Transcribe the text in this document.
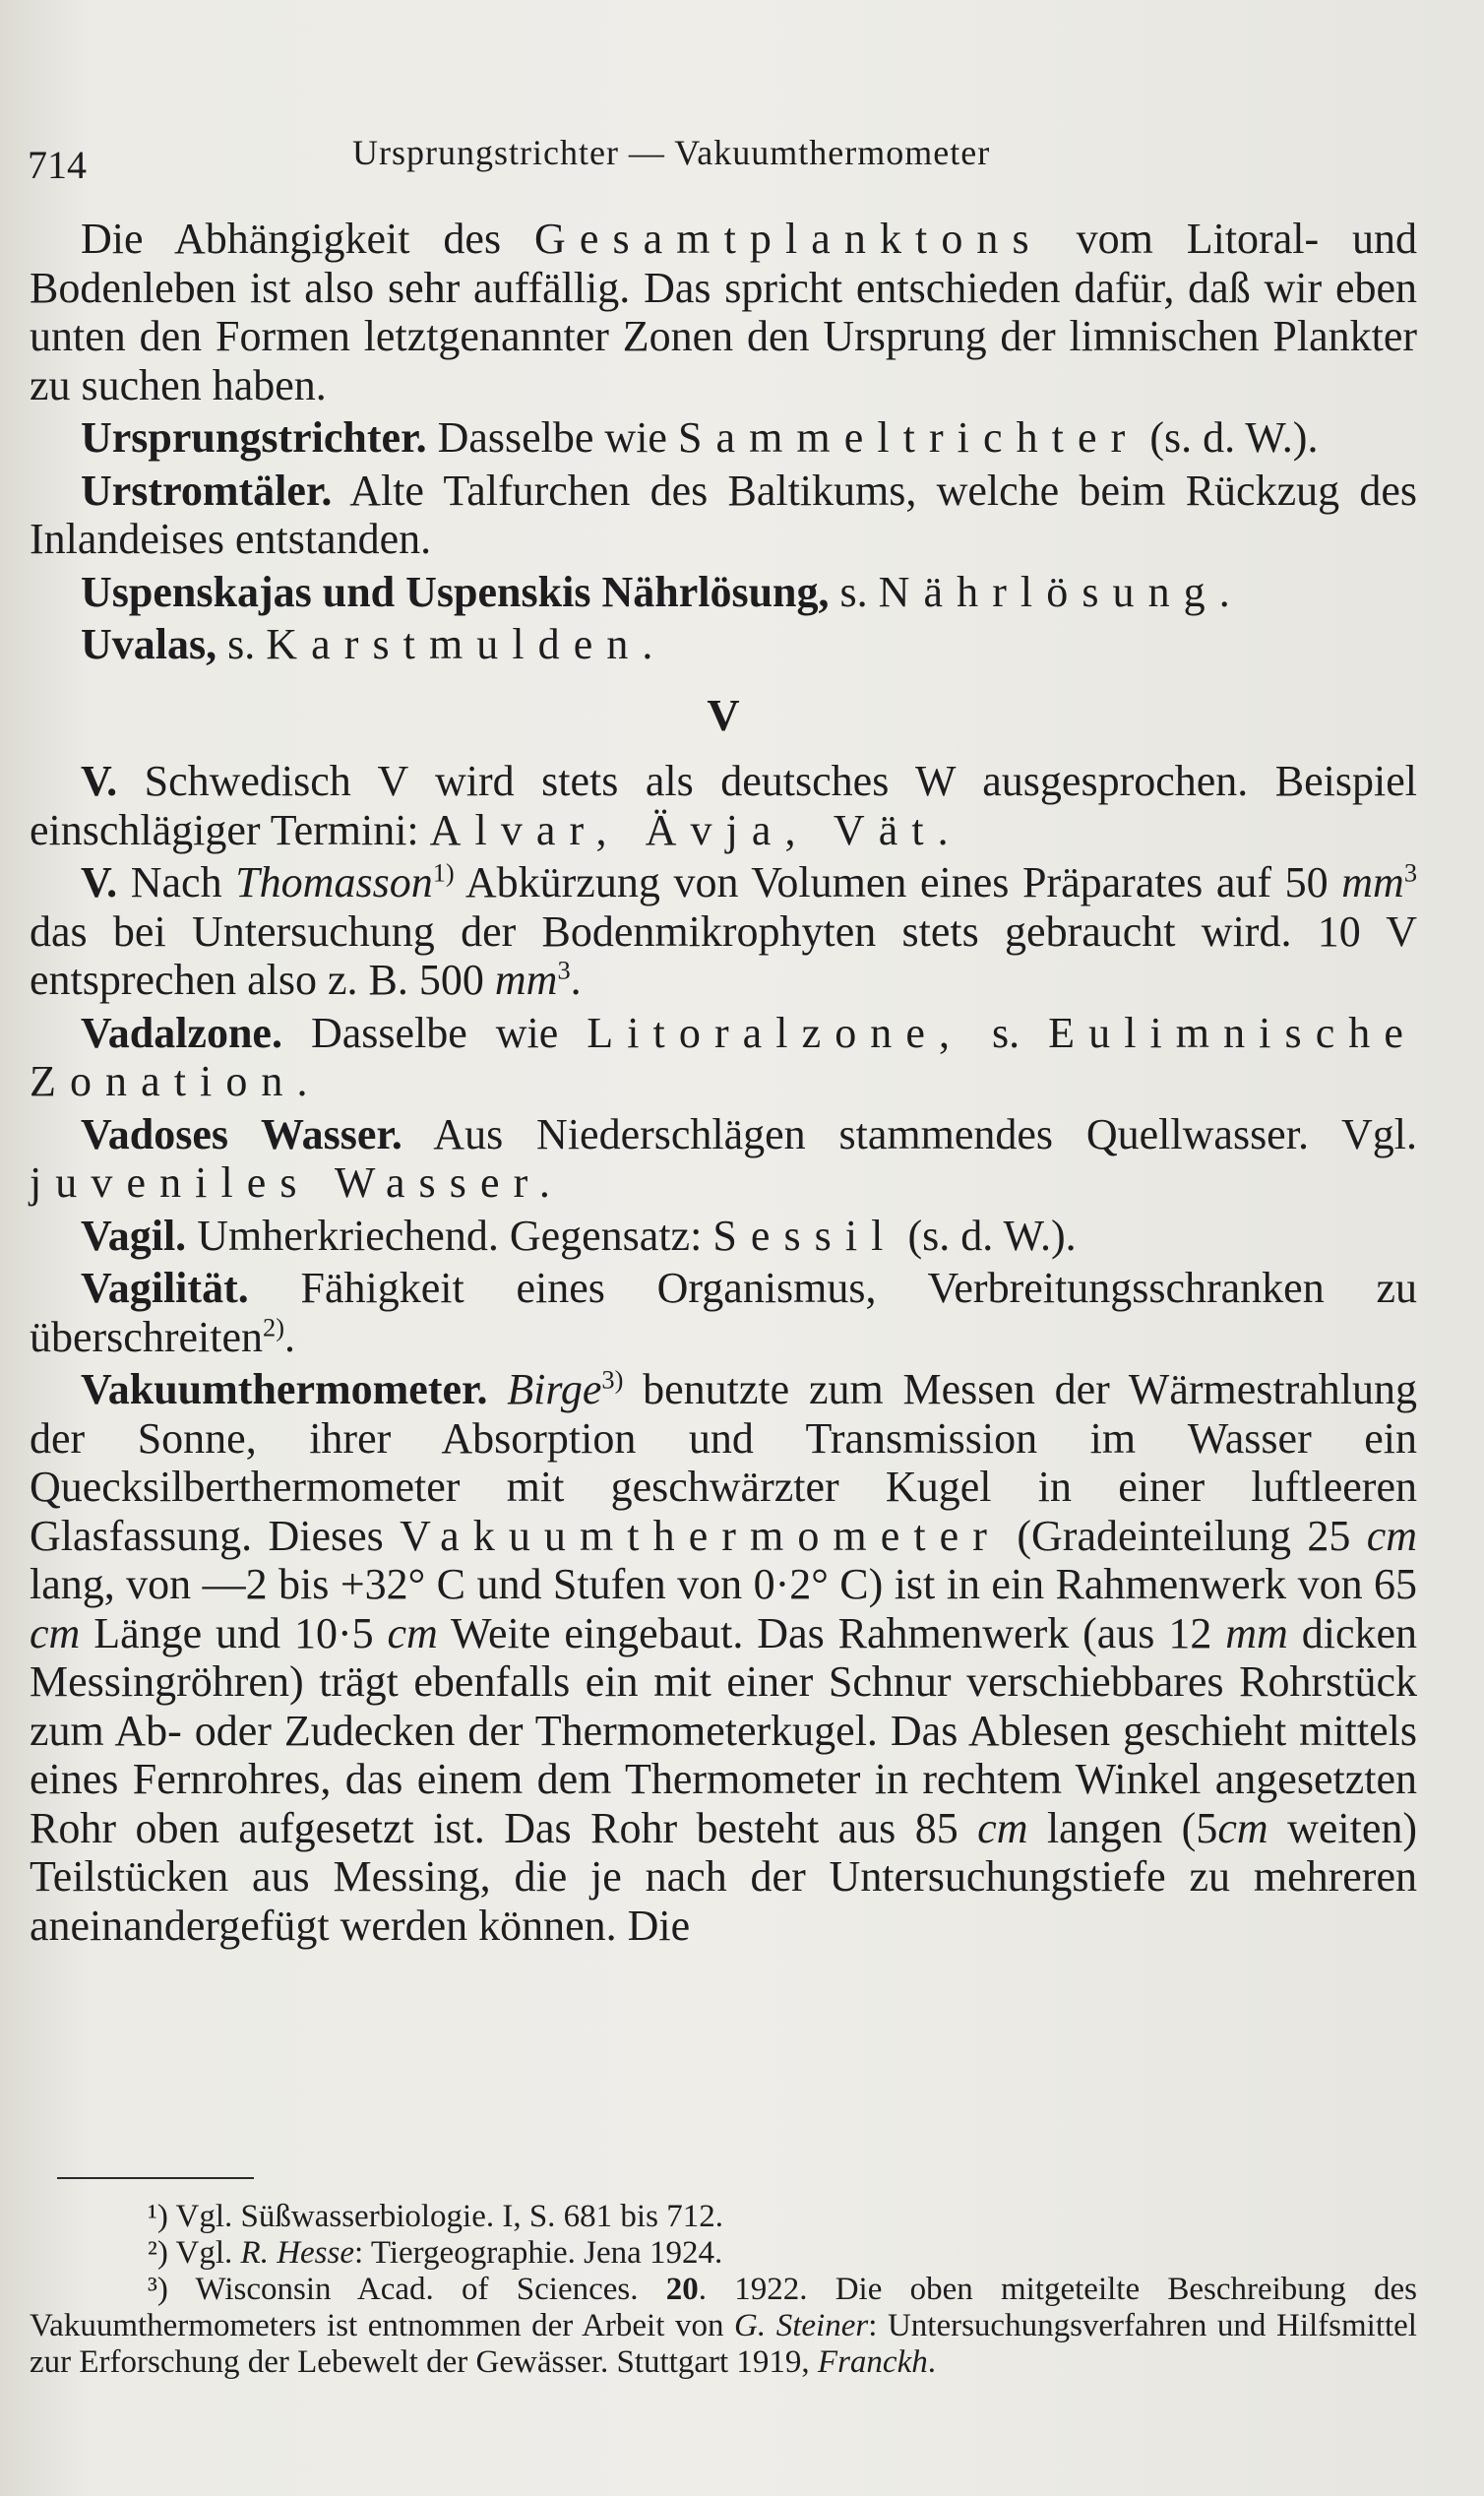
714	Ursprungstrichter — Vakuumthermometer

Die Abhängigkeit des Gesamtplanktons vom Litoral- und Bodenleben ist also sehr auffällig. Das spricht entschieden dafür, daß wir eben unten den Formen letztgenannter Zonen den Ursprung der limnischen Plankter zu suchen haben.

Ursprungstrichter. Dasselbe wie Sammeltrichter (s. d. W.).

Urstromtäler. Alte Talfurchen des Baltikums, welche beim Rückzug des Inlandeises entstanden.

Uspenskajas und Uspenskis Nährlösung, s. Nährlösung.

Uvalas, s. Karstmulden.

V

V. Schwedisch V wird stets als deutsches W ausgesprochen. Beispiel einschlägiger Termini: Alvar, Ävja, Vät.

V. Nach Thomasson$^{1)}$ Abkürzung von Volumen eines Präparates auf 50 $mm^3$ das bei Untersuchung der Bodenmikrophyten stets gebraucht wird. 10 V entsprechen also z. B. 500 $mm^3$.

Vadalzone. Dasselbe wie Litoralzone, s. Eulimnische Zonation.

Vadoses Wasser. Aus Niederschlägen stammendes Quellwasser. Vgl. juveniles Wasser.

Vagil. Umherkriechend. Gegensatz: Sessil (s. d. W.).

Vagilität. Fähigkeit eines Organismus, Verbreitungsschranken zu überschreiten$^{2)}$.

Vakuumthermometer. Birge$^{3)}$ benutzte zum Messen der Wärmestrahlung der Sonne, ihrer Absorption und Transmission im Wasser ein Quecksilberthermometer mit geschwärzter Kugel in einer luftleeren Glasfassung. Dieses Vakuumthermometer (Gradeinteilung 25 cm lang, von —2 bis +32° C und Stufen von 0·2° C) ist in ein Rahmenwerk von 65 cm Länge und 10·5 cm Weite eingebaut. Das Rahmenwerk (aus 12 mm dicken Messingröhren) trägt ebenfalls ein mit einer Schnur verschiebbares Rohrstück zum Ab- oder Zudecken der Thermometerkugel. Das Ablesen geschieht mittels eines Fernrohres, das einem dem Thermometer in rechtem Winkel angesetzten Rohr oben aufgesetzt ist. Das Rohr besteht aus 85 cm langen (5cm weiten) Teilstücken aus Messing, die je nach der Untersuchungstiefe zu mehreren aneinandergefügt werden können. Die

¹) Vgl. Süßwasserbiologie. I, S. 681 bis 712.

²) Vgl. R. Hesse: Tiergeographie. Jena 1924.

³) Wisconsin Acad. of Sciences. 20. 1922. Die oben mitgeteilte Beschreibung des Vakuumthermometers ist entnommen der Arbeit von G. Steiner: Untersuchungsverfahren und Hilfsmittel zur Erforschung der Lebewelt der Gewässer. Stuttgart 1919, Franckh.
